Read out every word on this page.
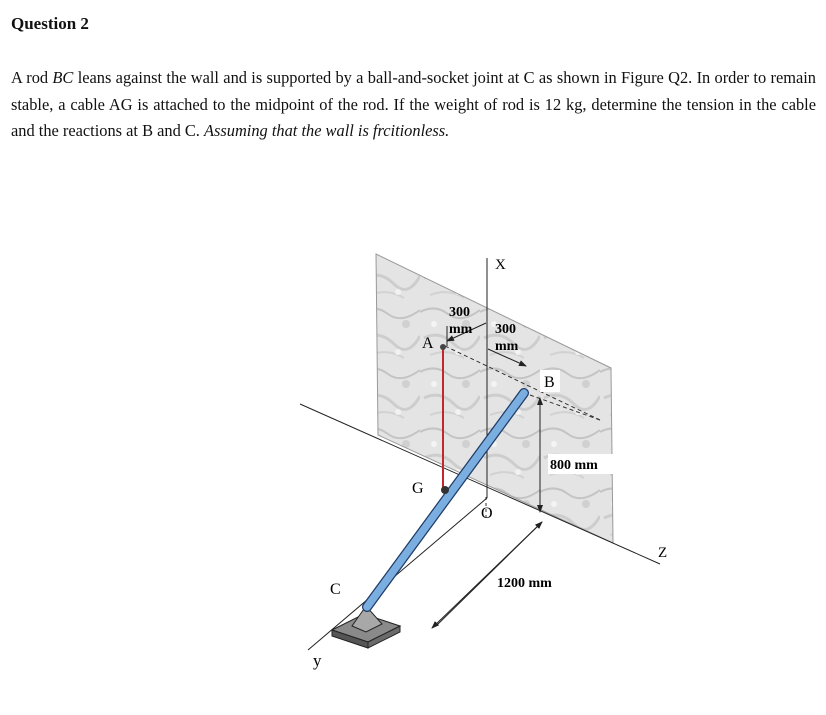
Question 2
A rod BC leans against the wall and is supported by a ball-and-socket joint at C as shown in Figure Q2. In order to remain stable, a cable AG is attached to the midpoint of the rod. If the weight of rod is 12 kg, determine the tension in the cable and the reactions at B and C. Assuming that the wall is frcitionless.
300
mm 300
mm
800 mm
1200 mm
X
y
Z
O
A
B
C
G
